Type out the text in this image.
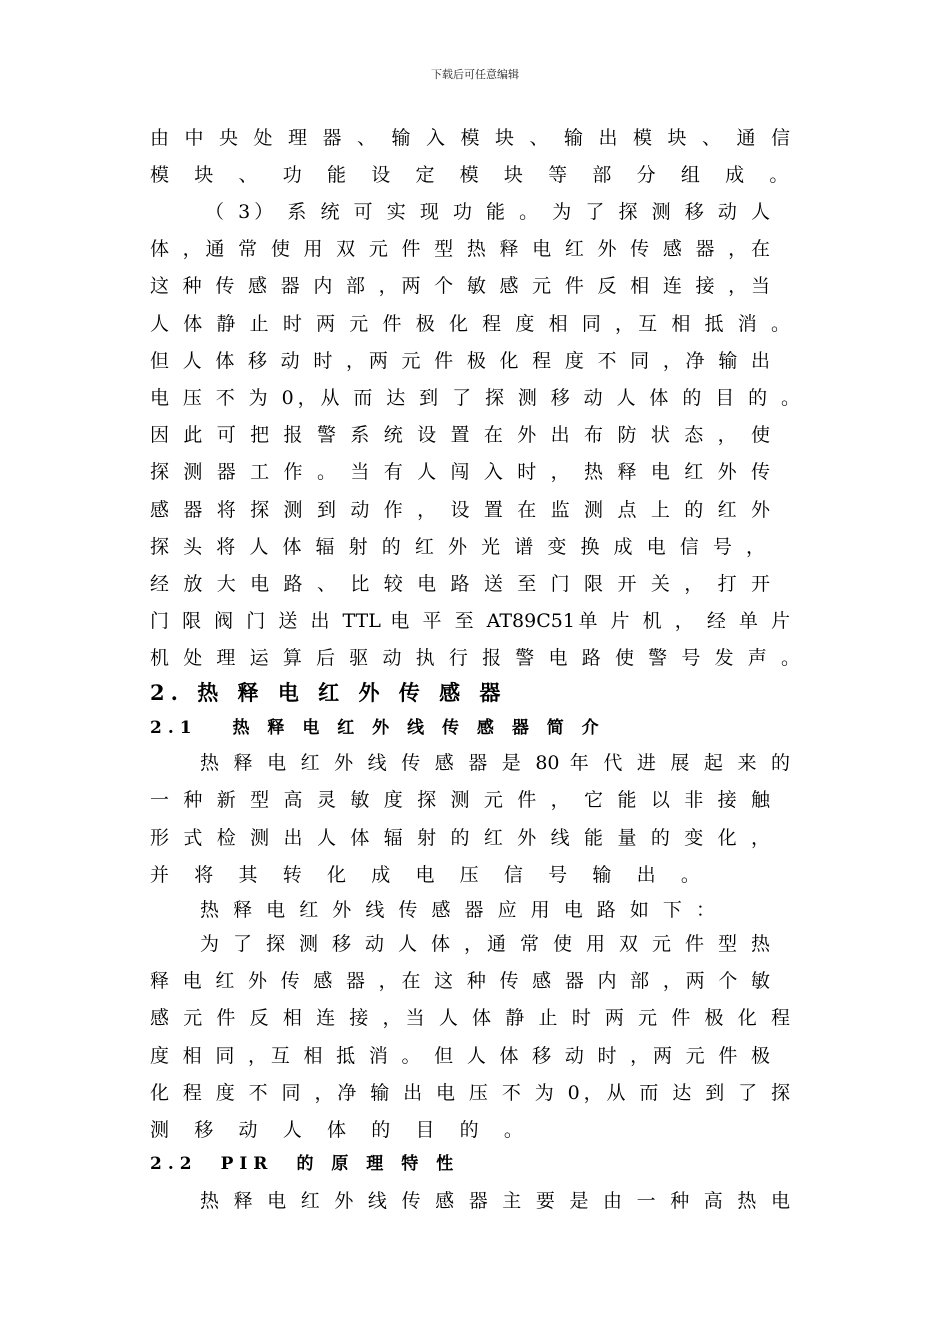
下载后可任意编辑
由 中 央 处 理 器 、 输 入 模 块 、 输 出 模 块 、 通 信
模 块 、 功 能 设 定 模 块 等 部 分 组 成 。
（ 3） 系 统 可 实 现 功 能 。 为 了 探 测 移 动 人
体 ，通 常 使 用 双 元 件 型 热 释 电 红 外 传 感 器 ，在
这 种 传 感 器 内 部 ，两 个 敏 感 元 件 反 相 连 接 ，当
人 体 静 止 时 两 元 件 极 化 程 度 相 同 ，互 相 抵 消 。
但 人 体 移 动 时 ，两 元 件 极 化 程 度 不 同 ，净 输 出
电 压 不 为 0，从 而 达 到 了 探 测 移 动 人 体 的 目 的 。
因 此 可 把 报 警 系 统 设 置 在 外 出 布 防 状 态 ， 使
探 测 器 工 作 。 当 有 人 闯 入 时 ， 热 释 电 红 外 传
感 器 将 探 测 到 动 作 ， 设 置 在 监 测 点 上 的 红 外
探 头 将 人 体 辐 射 的 红 外 光 谱 变 换 成 电 信 号 ，
经 放 大 电 路 、 比 较 电 路 送 至 门 限 开 关 ， 打 开
门 限 阀 门 送 出 TTL 电 平 至 AT89C51单 片 机 ， 经 单 片
机 处 理 运 算 后 驱 动 执 行 报 警 电 路 使 警 号 发 声 。
2. 热 释 电 红 外 传 感 器
2.1　 热 释 电 红 外 线 传 感 器 简 介
热 释 电 红 外 线 传 感 器 是 80 年 代 进 展 起 来 的
一 种 新 型 高 灵 敏 度 探 测 元 件 ， 它 能 以 非 接 触
形 式 检 测 出 人 体 辐 射 的 红 外 线 能 量 的 变 化 ，
并 将 其 转 化 成 电 压 信 号 输 出 。
热 释 电 红 外 线 传 感 器 应 用 电 路 如 下 ：
为 了 探 测 移 动 人 体 ，通 常 使 用 双 元 件 型 热
释 电 红 外 传 感 器 ，在 这 种 传 感 器 内 部 ，两 个 敏
感 元 件 反 相 连 接 ，当 人 体 静 止 时 两 元 件 极 化 程
度 相 同 ，互 相 抵 消 。 但 人 体 移 动 时 ，两 元 件 极
化 程 度 不 同 ，净 输 出 电 压 不 为 0，从 而 达 到 了 探
测 移 动 人 体 的 目 的 。
2.2　PIR　的 原 理 特 性
热 释 电 红 外 线 传 感 器 主 要 是 由 一 种 高 热 电
